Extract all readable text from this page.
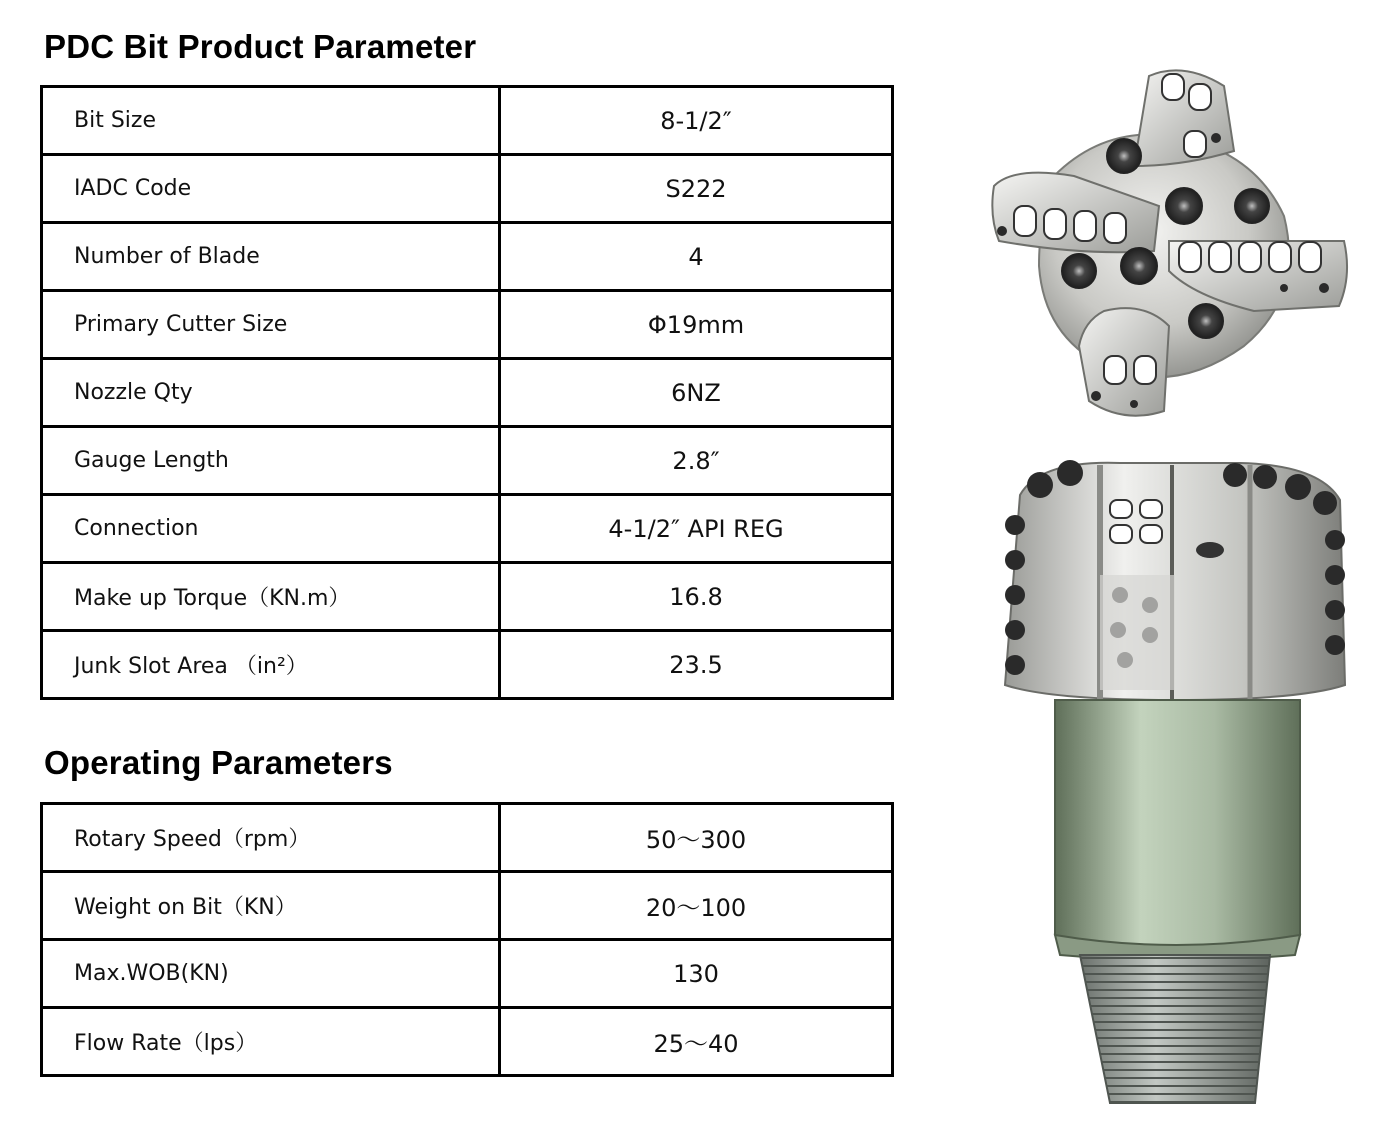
PDC Bit Product Parameter
Bit Size	8-1/2″
IADC Code	S222
Number of Blade	4
Primary Cutter Size	Φ19mm
Nozzle Qty	6NZ
Gauge Length	2.8″
Connection	4-1/2″ API REG
Make up Torque（KN.m）	16.8
Junk Slot Area （in²）	23.5
Operating Parameters
Rotary Speed（rpm）	50～300
Weight on Bit（KN）	20～100
Max.WOB(KN)	130
Flow Rate（lps）	25～40
